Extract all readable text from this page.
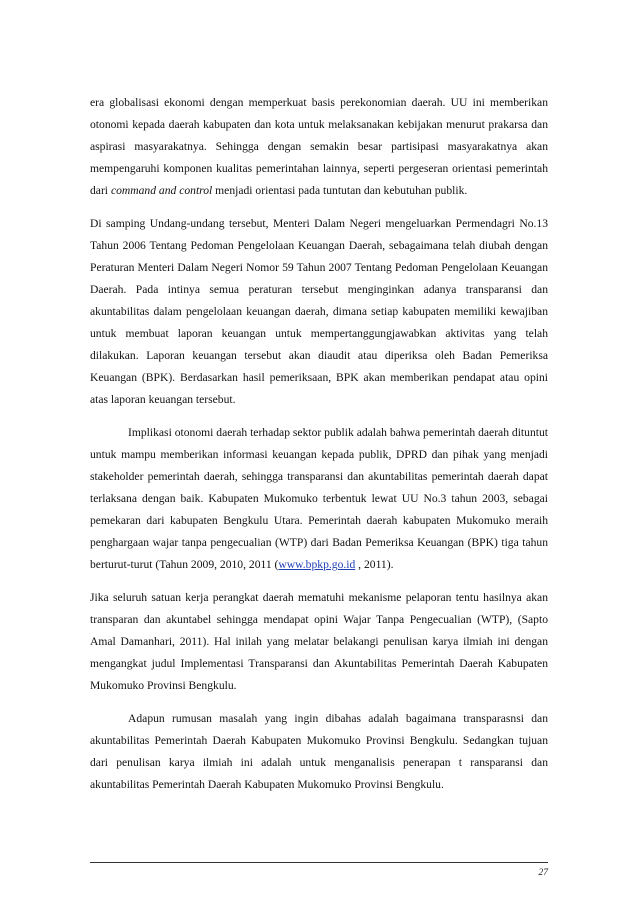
era globalisasi ekonomi dengan memperkuat basis perekonomian daerah. UU ini memberikan otonomi kepada daerah kabupaten dan kota untuk melaksanakan kebijakan menurut prakarsa dan aspirasi masyarakatnya. Sehingga dengan semakin besar partisipasi masyarakatnya akan mempengaruhi komponen kualitas pemerintahan lainnya, seperti pergeseran orientasi pemerintah dari command and control menjadi orientasi pada tuntutan dan kebutuhan publik.

Di samping Undang-undang tersebut, Menteri Dalam Negeri mengeluarkan Permendagri No.13 Tahun 2006 Tentang Pedoman Pengelolaan Keuangan Daerah, sebagaimana telah diubah dengan Peraturan Menteri Dalam Negeri Nomor 59 Tahun 2007 Tentang Pedoman Pengelolaan Keuangan Daerah. Pada intinya semua peraturan tersebut menginginkan adanya transparansi dan akuntabilitas dalam pengelolaan keuangan daerah, dimana setiap kabupaten memiliki kewajiban untuk membuat laporan keuangan untuk mempertanggungjawabkan aktivitas yang telah dilakukan. Laporan keuangan tersebut akan diaudit atau diperiksa oleh Badan Pemeriksa Keuangan (BPK). Berdasarkan hasil pemeriksaan, BPK akan memberikan pendapat atau opini atas laporan keuangan tersebut.

Implikasi otonomi daerah terhadap sektor publik adalah bahwa pemerintah daerah dituntut untuk mampu memberikan informasi keuangan kepada publik, DPRD dan pihak yang menjadi stakeholder pemerintah daerah, sehingga transparansi dan akuntabilitas pemerintah daerah dapat terlaksana dengan baik. Kabupaten Mukomuko terbentuk lewat UU No.3 tahun 2003, sebagai pemekaran dari kabupaten Bengkulu Utara. Pemerintah daerah kabupaten Mukomuko meraih penghargaan wajar tanpa pengecualian (WTP) dari Badan Pemeriksa Keuangan (BPK) tiga tahun berturut-turut (Tahun 2009, 2010, 2011 (www.bpkp.go.id , 2011).

Jika seluruh satuan kerja perangkat daerah mematuhi mekanisme pelaporan tentu hasilnya akan transparan dan akuntabel sehingga mendapat opini Wajar Tanpa Pengecualian (WTP), (Sapto Amal Damanhari, 2011). Hal inilah yang melatar belakangi penulisan karya ilmiah ini dengan mengangkat judul Implementasi Transparansi dan Akuntabilitas Pemerintah Daerah Kabupaten Mukomuko Provinsi Bengkulu.

Adapun rumusan masalah yang ingin dibahas adalah bagaimana transparasnsi dan akuntabilitas Pemerintah Daerah Kabupaten Mukomuko Provinsi Bengkulu. Sedangkan tujuan dari penulisan karya ilmiah ini adalah untuk menganalisis penerapan t ransparansi dan akuntabilitas Pemerintah Daerah Kabupaten Mukomuko Provinsi Bengkulu.

27
